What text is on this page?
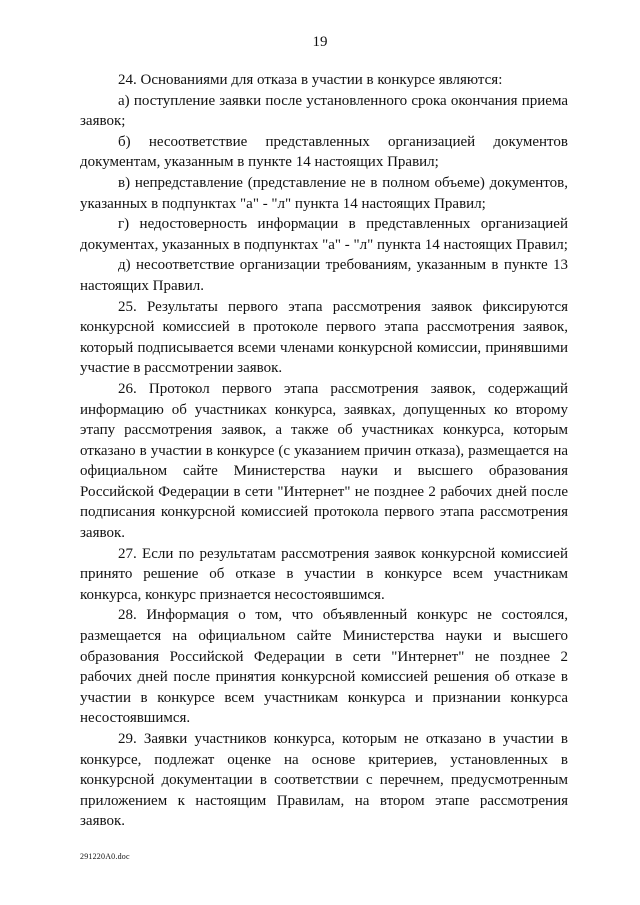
19

24. Основаниями для отказа в участии в конкурсе являются:

а) поступление заявки после установленного срока окончания приема заявок;

б) несоответствие представленных организацией документов документам, указанным в пункте 14 настоящих Правил;

в) непредставление (представление не в полном объеме) документов, указанных в подпунктах "а" - "л" пункта 14 настоящих Правил;

г) недостоверность информации в представленных организацией документах, указанных в подпунктах "а" - "л" пункта 14 настоящих Правил;

д) несоответствие организации требованиям, указанным в пункте 13 настоящих Правил.

25. Результаты первого этапа рассмотрения заявок фиксируются конкурсной комиссией в протоколе первого этапа рассмотрения заявок, который подписывается всеми членами конкурсной комиссии, принявшими участие в рассмотрении заявок.

26. Протокол первого этапа рассмотрения заявок, содержащий информацию об участниках конкурса, заявках, допущенных ко второму этапу рассмотрения заявок, а также об участниках конкурса, которым отказано в участии в конкурсе (с указанием причин отказа), размещается на официальном сайте Министерства науки и высшего образования Российской Федерации в сети "Интернет" не позднее 2 рабочих дней после подписания конкурсной комиссией протокола первого этапа рассмотрения заявок.

27. Если по результатам рассмотрения заявок конкурсной комиссией принято решение об отказе в участии в конкурсе всем участникам конкурса, конкурс признается несостоявшимся.

28. Информация о том, что объявленный конкурс не состоялся, размещается на официальном сайте Министерства науки и высшего образования Российской Федерации в сети "Интернет" не позднее 2 рабочих дней после принятия конкурсной комиссией решения об отказе в участии в конкурсе всем участникам конкурса и признании конкурса несостоявшимся.

29. Заявки участников конкурса, которым не отказано в участии в конкурсе, подлежат оценке на основе критериев, установленных в конкурсной документации в соответствии с перечнем, предусмотренным приложением к настоящим Правилам, на втором этапе рассмотрения заявок.

291220A0.doc
